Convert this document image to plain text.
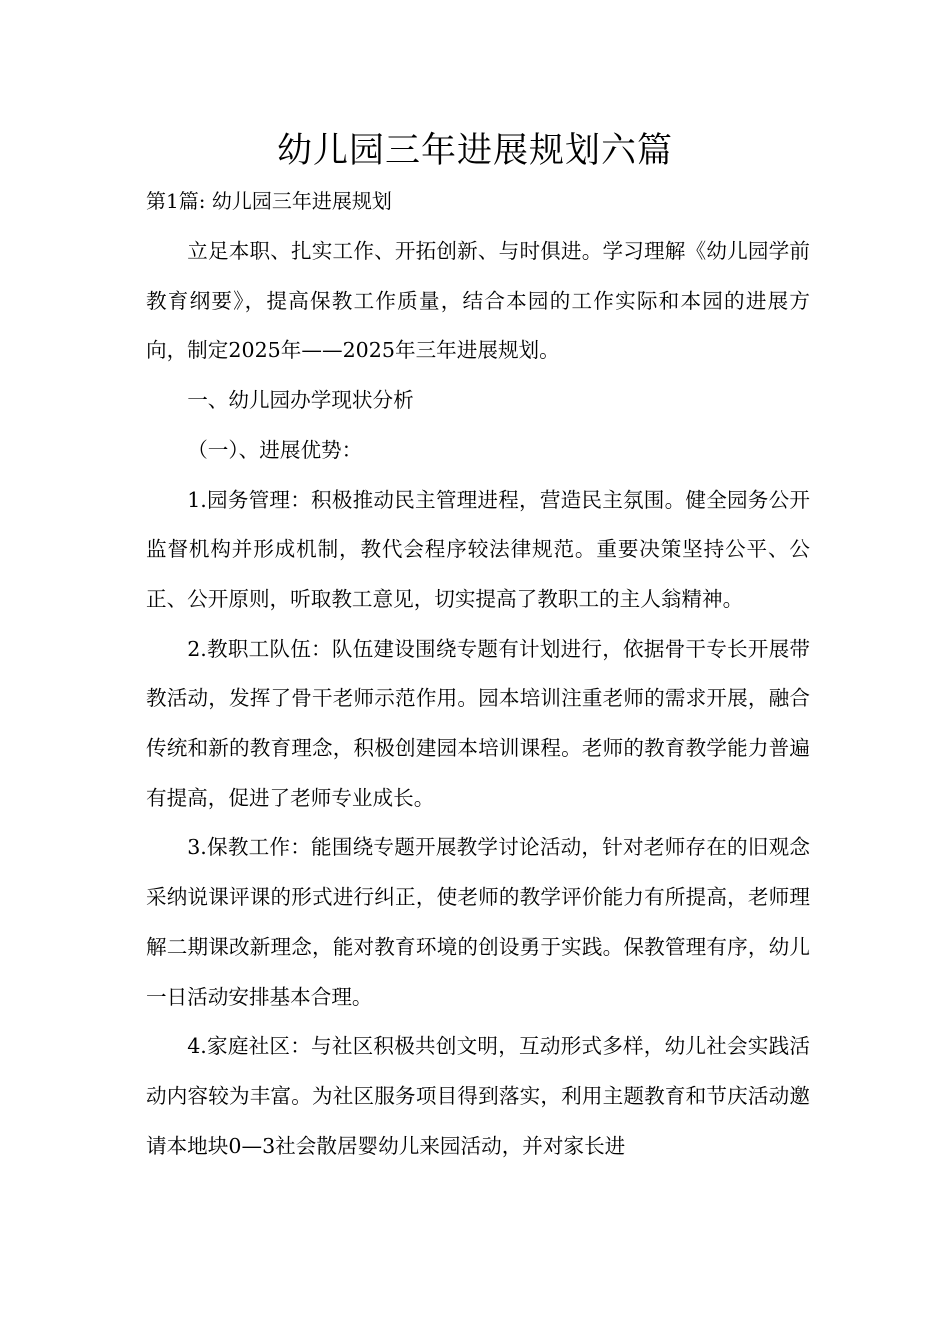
幼儿园三年进展规划六篇
第1篇: 幼儿园三年进展规划

立足本职、扎实工作、开拓创新、与时俱进。学习理解《幼儿园学前教育纲要》，提高保教工作质量，结合本园的工作实际和本园的进展方向，制定2025年——2025年三年进展规划。

一、幼儿园办学现状分析

（一）、进展优势：

1.园务管理：积极推动民主管理进程，营造民主氛围。健全园务公开监督机构并形成机制，教代会程序较法律规范。重要决策坚持公平、公正、公开原则，听取教工意见，切实提高了教职工的主人翁精神。

2.教职工队伍：队伍建设围绕专题有计划进行，依据骨干专长开展带教活动，发挥了骨干老师示范作用。园本培训注重老师的需求开展，融合传统和新的教育理念，积极创建园本培训课程。老师的教育教学能力普遍有提高，促进了老师专业成长。

3.保教工作：能围绕专题开展教学讨论活动，针对老师存在的旧观念采纳说课评课的形式进行纠正，使老师的教学评价能力有所提高，老师理解二期课改新理念，能对教育环境的创设勇于实践。保教管理有序，幼儿一日活动安排基本合理。

4.家庭社区：与社区积极共创文明，互动形式多样，幼儿社会实践活动内容较为丰富。为社区服务项目得到落实，利用主题教育和节庆活动邀请本地块0—3社会散居婴幼儿来园活动，并对家长进
